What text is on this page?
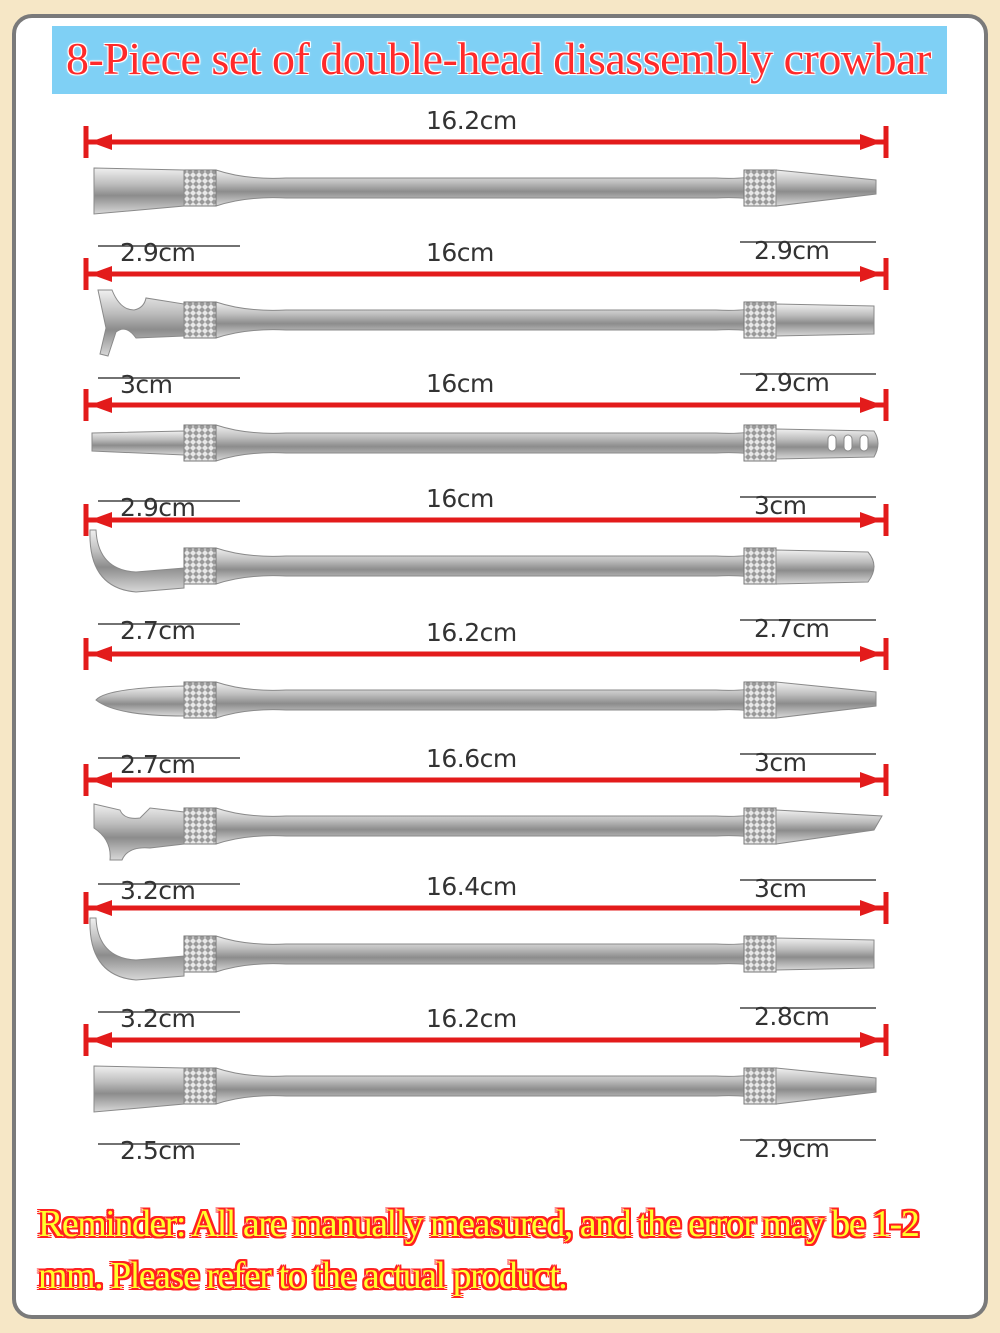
8-Piece set of double-head disassembly crowbar
16.2cm
2.9cm	2.9cm
16cm
3cm	2.9cm
16cm
2.9cm	3cm
16cm
2.7cm	2.7cm
16.2cm
2.7cm	3cm
16.6cm
3.2cm	3cm
16.4cm
3.2cm	2.8cm
16.2cm
2.5cm	2.9cm
Reminder: All are manually measured, and the error may be 1-2 mm. Please refer to the actual product.
